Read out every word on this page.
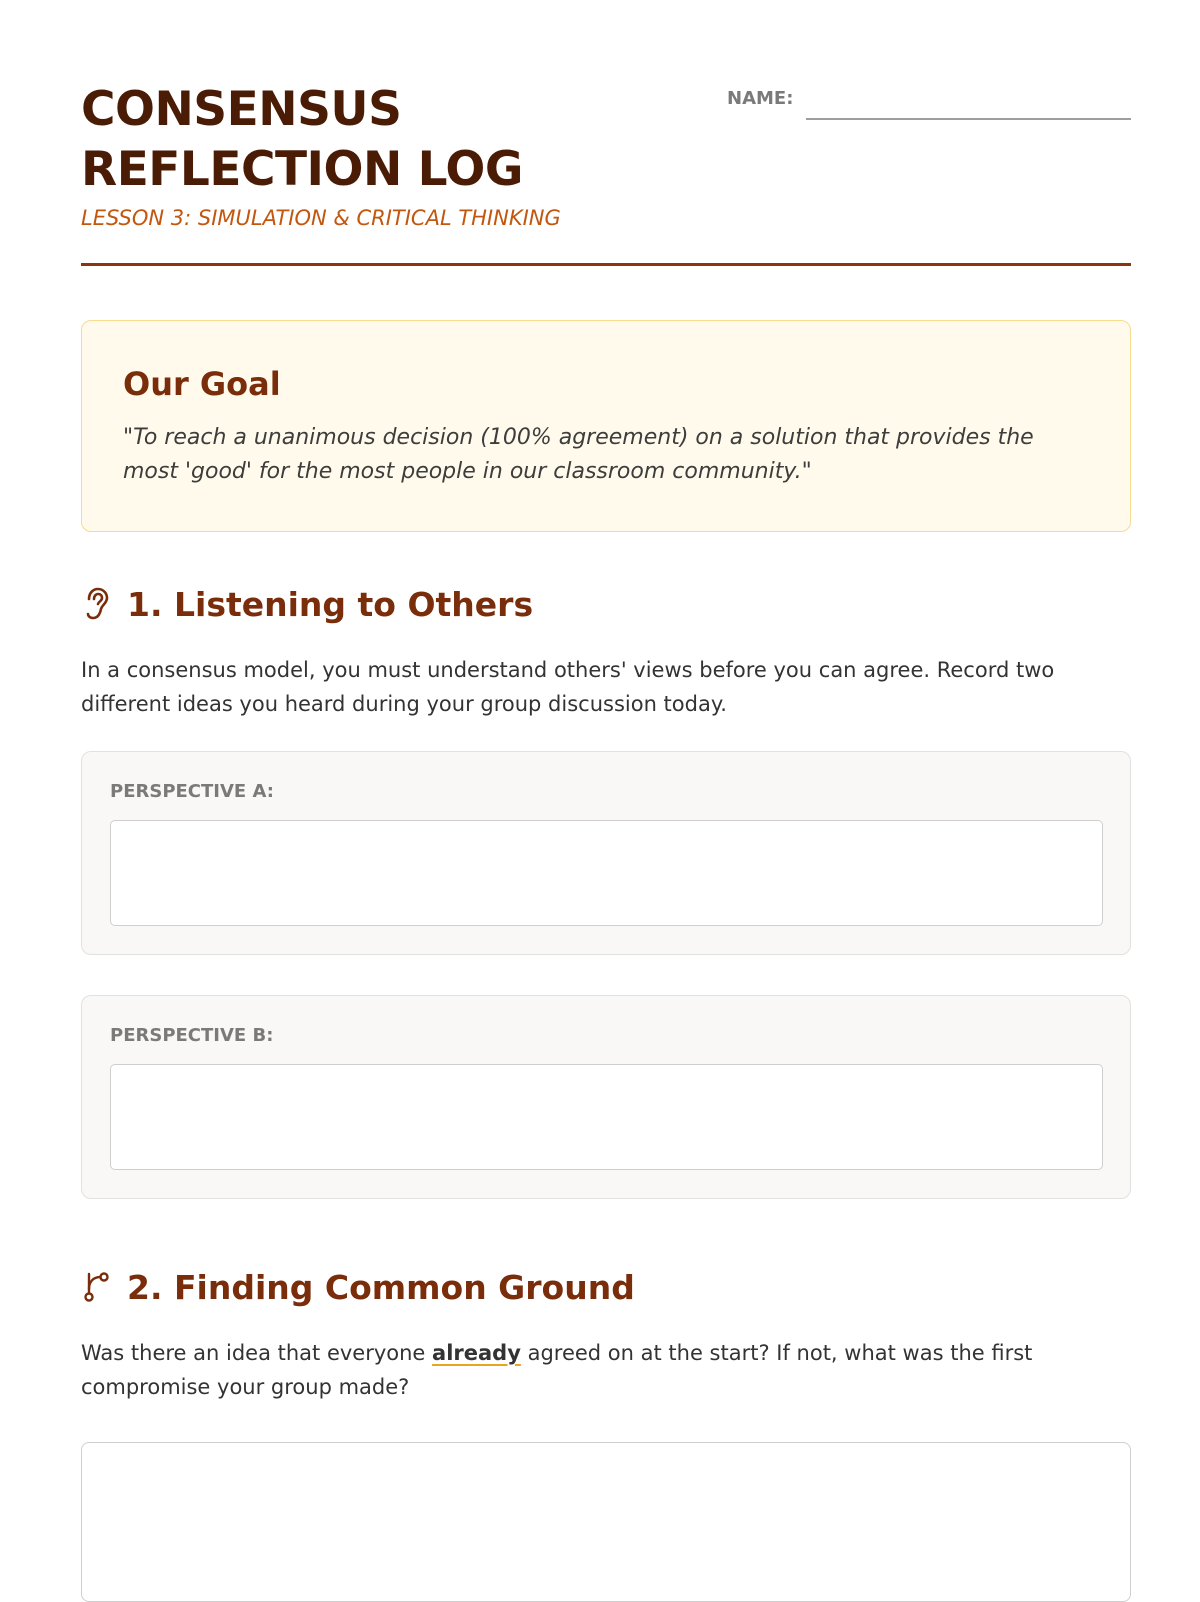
CONSENSUS
REFLECTION LOG
LESSON 3: SIMULATION & CRITICAL THINKING
NAME:
Our Goal

"To reach a unanimous decision (100% agreement) on a solution that provides the most 'good' for the most people in our classroom community."

1. Listening to Others

In a consensus model, you must understand others' views before you can agree. Record two different ideas you heard during your group discussion today.

PERSPECTIVE A:
PERSPECTIVE B:
2. Finding Common Ground

Was there an idea that everyone already agreed on at the start? If not, what was the first compromise your group made?
